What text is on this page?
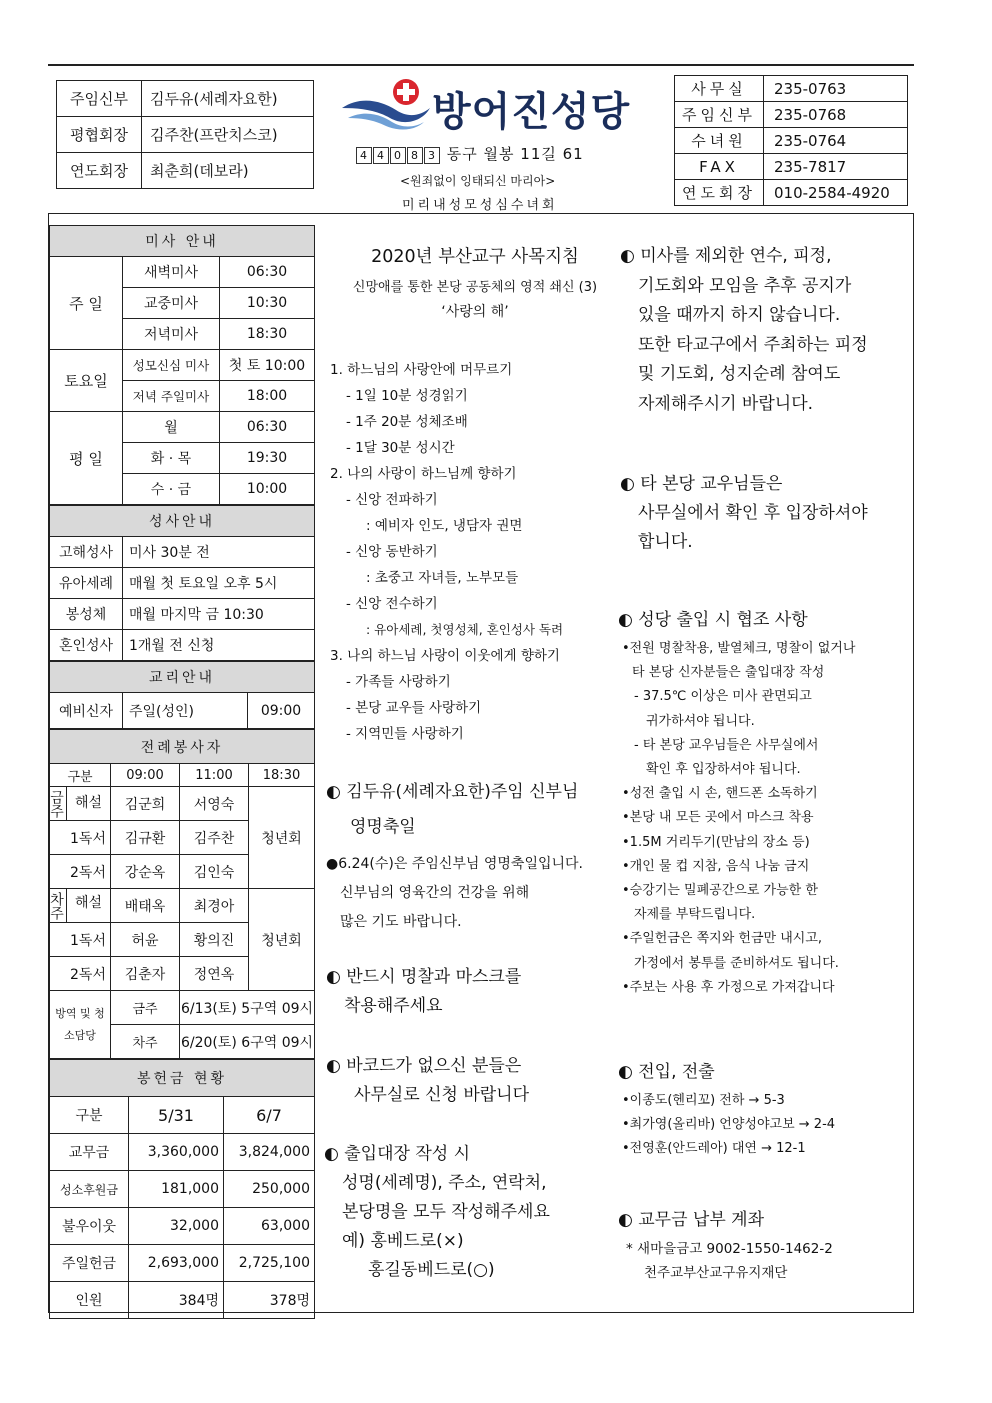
주임신부	김두유(세례자요한)
평협회장	김주찬(프란치스코)
연도회장	최춘희(데보라)
방어진성당
4 4 0 8 3 동구 월봉 11길 61
<원죄없이 잉태되신 마리아>
미리내성모성심수녀회
사무실	235-0763
주임신부	235-0768
수녀원	235-0764
FAX	235-7817
연도회장	010-2584-4920
미사 안내		
주 일	새벽미사	06:30
	교중미사	10:30
	저녁미사	18:30
토요일	성모신심 미사	첫 토 10:00
	저녁 주일미사	18:00
평 일	월	06:30
	화 · 목	19:30
	수 · 금	10:00
성사안내	
고해성사	미사 30분 전
유아세례	매월 첫 토요일 오후 5시
봉성체	매월 마지막 금 10:30
혼인성사	1개월 전 신청
교리안내
예비신자	주일(성인)	09:00
전례봉사자			
구분	09:00	11:00	18:30

금주 해설	김군희	서영숙	청년회
1독서	김규환	김주찬	
2독서	강순옥	김인숙	

차주 해설	배태옥	최경아	청년회
1독서	허윤	황의진	
2독서	김춘자	정연옥	
방역 및 청소담당	금주	6/13(토) 5구역 09시	
	차주	6/20(토) 6구역 09시	
봉헌금 현황		
구분	5/31	6/7
교무금	3,360,000	3,824,000
성소후원금	181,000	250,000
불우이웃	32,000	63,000
주일헌금	2,693,000	2,725,100
인원	384명	378명
2020년 부산교구 사목지침
신망애를 통한 본당 공동체의 영적 쇄신 (3)
‘사랑의 해’
1. 하느님의 사랑안에 머무르기
- 1일 10분 성경읽기
- 1주 20분 성체조배
- 1달 30분 성시간
2. 나의 사랑이 하느님께 향하기
- 신앙 전파하기
: 예비자 인도, 냉담자 권면
- 신앙 동반하기
: 초중고 자녀들, 노부모들
- 신앙 전수하기
: 유아세례, 첫영성체, 혼인성사 독려
3. 나의 하느님 사랑이 이웃에게 향하기
- 가족들 사랑하기
- 본당 교우들 사랑하기
- 지역민들 사랑하기
◐ 김두유(세례자요한)주임 신부님
영명축일
●6.24(수)은 주임신부님 영명축일입니다.
신부님의 영육간의 건강을 위해
많은 기도 바랍니다.
◐ 반드시 명찰과 마스크를
착용해주세요
◐ 바코드가 없으신 분들은
사무실로 신청 바랍니다
◐ 출입대장 작성 시
성명(세례명), 주소, 연락처,
본당명을 모두 작성해주세요
예) 홍베드로(×)
홍길동베드로(○)
◐ 미사를 제외한 연수, 피정,
기도회와 모임을 추후 공지가
있을 때까지 하지 않습니다.
또한 타교구에서 주최하는 피정
및 기도회, 성지순례 참여도
자제해주시기 바랍니다.
◐ 타 본당 교우님들은
사무실에서 확인 후 입장하셔야
합니다.
◐ 성당 출입 시 협조 사항
•전원 명찰착용, 발열체크, 명찰이 없거나
타 본당 신자분들은 출입대장 작성
- 37.5℃ 이상은 미사 관면되고
귀가하셔야 됩니다.
- 타 본당 교우님들은 사무실에서
확인 후 입장하셔야 됩니다.
•성전 출입 시 손, 핸드폰 소독하기
•본당 내 모든 곳에서 마스크 착용
•1.5M 거리두기(만남의 장소 등)
•개인 물 컵 지참, 음식 나눔 금지
•승강기는 밀폐공간으로 가능한 한
자제를 부탁드립니다.
•주일헌금은 쪽지와 헌금만 내시고,
가정에서 봉투를 준비하셔도 됩니다.
•주보는 사용 후 가정으로 가져갑니다
◐ 전입, 전출
•이종도(헨리꼬) 전하 → 5-3
•최가영(올리바) 언양성야고보 → 2-4
•전영훈(안드레아) 대연 → 12-1
◐ 교무금 납부 계좌
* 새마을금고 9002-1550-1462-2
천주교부산교구유지재단
